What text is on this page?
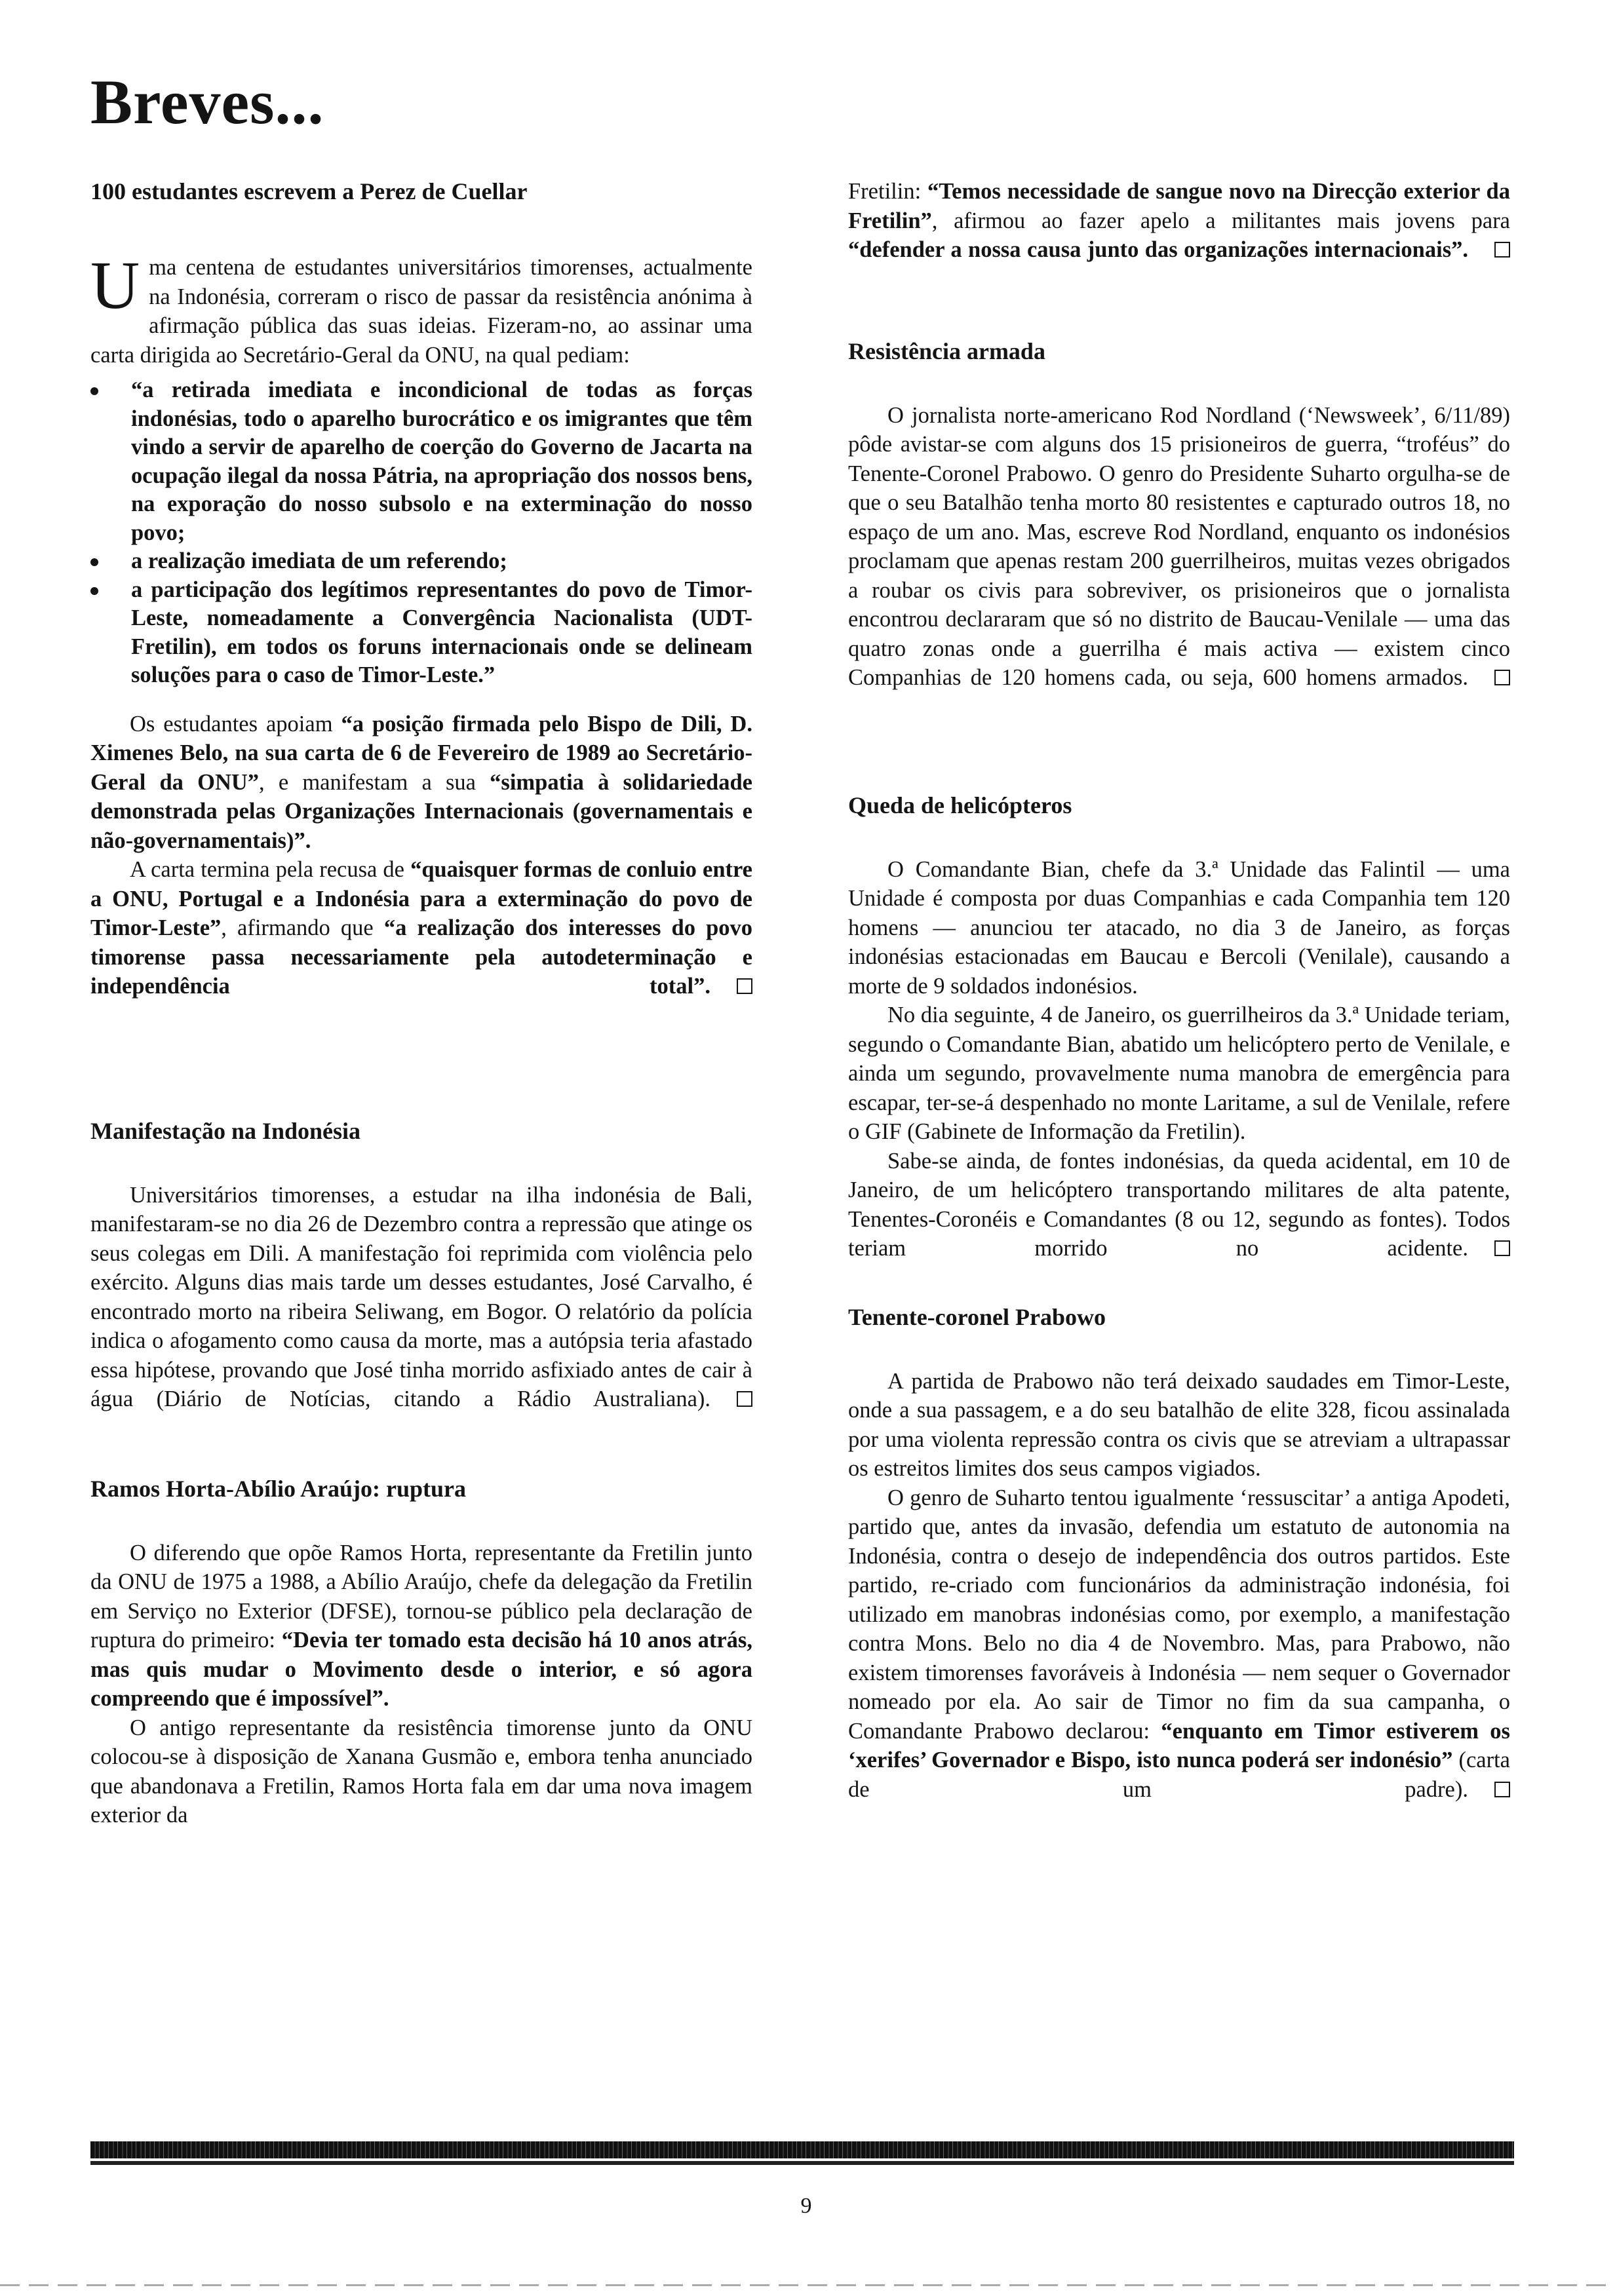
Breves...
100 estudantes escrevem a Perez de Cuellar

Uma centena de estudantes universitários timorenses, actualmente na Indonésia, correram o risco de passar da resistência anónima à afirmação pública das suas ideias. Fizeram-no, ao assinar uma carta dirigida ao Secretário-Geral da ONU, na qual pediam:

“a retirada imediata e incondicional de todas as forças indonésias, todo o aparelho burocrático e os imigrantes que têm vindo a servir de aparelho de coerção do Governo de Jacarta na ocupação ilegal da nossa Pátria, na apropriação dos nossos bens, na exporação do nosso subsolo e na exterminação do nosso povo;
a realização imediata de um referendo;
a participação dos legítimos representantes do povo de Timor-Leste, nomeadamente a Convergência Nacionalista (UDT-Fretilin), em todos os foruns internacionais onde se delineam soluções para o caso de Timor-Leste.”

Os estudantes apoiam “a posição firmada pelo Bispo de Dili, D. Ximenes Belo, na sua carta de 6 de Fevereiro de 1989 ao Secretário-Geral da ONU”, e manifestam a sua “simpatia à solidariedade demonstrada pelas Organizações Internacionais (governamentais e não-governamentais)”.

A carta termina pela recusa de “quaisquer formas de conluio entre a ONU, Portugal e a Indonésia para a exterminação do povo de Timor-Leste”, afirmando que “a realização dos interesses do povo timorense passa necessariamente pela autodeterminação e independência total”.

Manifestação na Indonésia

Universitários timorenses, a estudar na ilha indonésia de Bali, manifestaram-se no dia 26 de Dezembro contra a repressão que atinge os seus colegas em Dili. A manifestação foi reprimida com violência pelo exército. Alguns dias mais tarde um desses estudantes, José Carvalho, é encontrado morto na ribeira Seliwang, em Bogor. O relatório da polícia indica o afogamento como causa da morte, mas a autópsia teria afastado essa hipótese, provando que José tinha morrido asfixiado antes de cair à água (Diário de Notícias, citando a Rádio Australiana).

Ramos Horta-Abílio Araújo: ruptura

O diferendo que opõe Ramos Horta, representante da Fretilin junto da ONU de 1975 a 1988, a Abílio Araújo, chefe da delegação da Fretilin em Serviço no Exterior (DFSE), tornou-se público pela declaração de ruptura do primeiro: “Devia ter tomado esta decisão há 10 anos atrás, mas quis mudar o Movimento desde o interior, e só agora compreendo que é impossível”.

O antigo representante da resistência timorense junto da ONU colocou-se à disposição de Xanana Gusmão e, embora tenha anunciado que abandonava a Fretilin, Ramos Horta fala em dar uma nova imagem exterior da

Fretilin: “Temos necessidade de sangue novo na Direcção exterior da Fretilin”, afirmou ao fazer apelo a militantes mais jovens para “defender a nossa causa junto das organizações internacionais”.

Resistência armada

O jornalista norte-americano Rod Nordland (‘Newsweek’, 6/11/89) pôde avistar-se com alguns dos 15 prisioneiros de guerra, “troféus” do Tenente-Coronel Prabowo. O genro do Presidente Suharto orgulha-se de que o seu Batalhão tenha morto 80 resistentes e capturado outros 18, no espaço de um ano. Mas, escreve Rod Nordland, enquanto os indonésios proclamam que apenas restam 200 guerrilheiros, muitas vezes obrigados a roubar os civis para sobreviver, os prisioneiros que o jornalista encontrou declararam que só no distrito de Baucau-Venilale — uma das quatro zonas onde a guerrilha é mais activa — existem cinco Companhias de 120 homens cada, ou seja, 600 homens armados.

Queda de helicópteros

O Comandante Bian, chefe da 3.ª Unidade das Falintil — uma Unidade é composta por duas Companhias e cada Companhia tem 120 homens — anunciou ter atacado, no dia 3 de Janeiro, as forças indonésias estacionadas em Baucau e Bercoli (Venilale), causando a morte de 9 soldados indonésios.

No dia seguinte, 4 de Janeiro, os guerrilheiros da 3.ª Unidade teriam, segundo o Comandante Bian, abatido um helicóptero perto de Venilale, e ainda um segundo, provavelmente numa manobra de emergência para escapar, ter-se-á despenhado no monte Laritame, a sul de Venilale, refere o GIF (Gabinete de Informação da Fretilin).

Sabe-se ainda, de fontes indonésias, da queda acidental, em 10 de Janeiro, de um helicóptero transportando militares de alta patente, Tenentes-Coronéis e Comandantes (8 ou 12, segundo as fontes). Todos teriam morrido no acidente.

Tenente-coronel Prabowo

A partida de Prabowo não terá deixado saudades em Timor-Leste, onde a sua passagem, e a do seu batalhão de elite 328, ficou assinalada por uma violenta repressão contra os civis que se atreviam a ultrapassar os estreitos limites dos seus campos vigiados.

O genro de Suharto tentou igualmente ‘ressuscitar’ a antiga Apodeti, partido que, antes da invasão, defendia um estatuto de autonomia na Indonésia, contra o desejo de independência dos outros partidos. Este partido, re-criado com funcionários da administração indonésia, foi utilizado em manobras indonésias como, por exemplo, a manifestação contra Mons. Belo no dia 4 de Novembro. Mas, para Prabowo, não existem timorenses favoráveis à Indonésia — nem sequer o Governador nomeado por ela. Ao sair de Timor no fim da sua campanha, o Comandante Prabowo declarou: “enquanto em Timor estiverem os ‘xerifes’ Governador e Bispo, isto nunca poderá ser indonésio” (carta de um padre).

9
